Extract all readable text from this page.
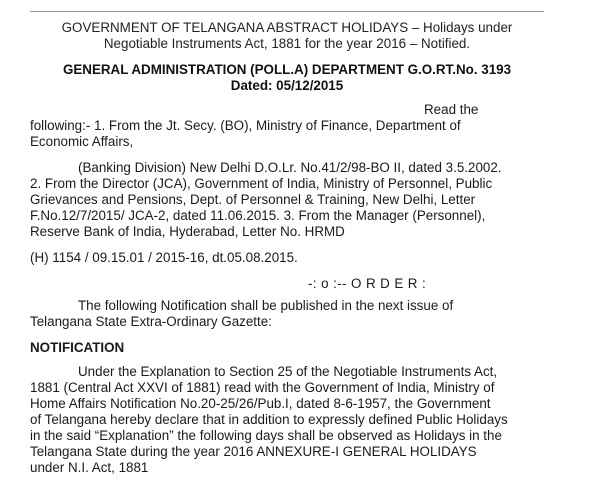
GOVERNMENT OF TELANGANA ABSTRACT HOLIDAYS – Holidays under
Negotiable Instruments Act, 1881 for the year 2016 – Notified.
GENERAL ADMINISTRATION (POLL.A) DEPARTMENT G.O.RT.No. 3193
Dated: 05/12/2015

Read the

following:- 1. From the Jt. Secy. (BO), Ministry of Finance, Department of
Economic Affairs,
(Banking Division) New Delhi D.O.Lr. No.41/2/98-BO II, dated 3.5.2002.
2. From the Director (JCA), Government of India, Ministry of Personnel, Public
Grievances and Pensions, Dept. of Personnel & Training, New Delhi, Letter
F.No.12/7/2015/ JCA-2, dated 11.06.2015. 3. From the Manager (Personnel),
Reserve Bank of India, Hyderabad, Letter No. HRMD
(H) 1154 / 09.15.01 / 2015-16, dt.05.08.2015.

-: o :-- O R D E R :

The following Notification shall be published in the next issue of
Telangana State Extra-Ordinary Gazette:

NOTIFICATION

Under the Explanation to Section 25 of the Negotiable Instruments Act,
1881 (Central Act XXVI of 1881) read with the Government of India, Ministry of
Home Affairs Notification No.20-25/26/Pub.I, dated 8-6-1957, the Government
of Telangana hereby declare that in addition to expressly defined Public Holidays
in the said “Explanation” the following days shall be observed as Holidays in the
Telangana State during the year 2016 ANNEXURE-I GENERAL HOLIDAYS
under N.I. Act, 1881
